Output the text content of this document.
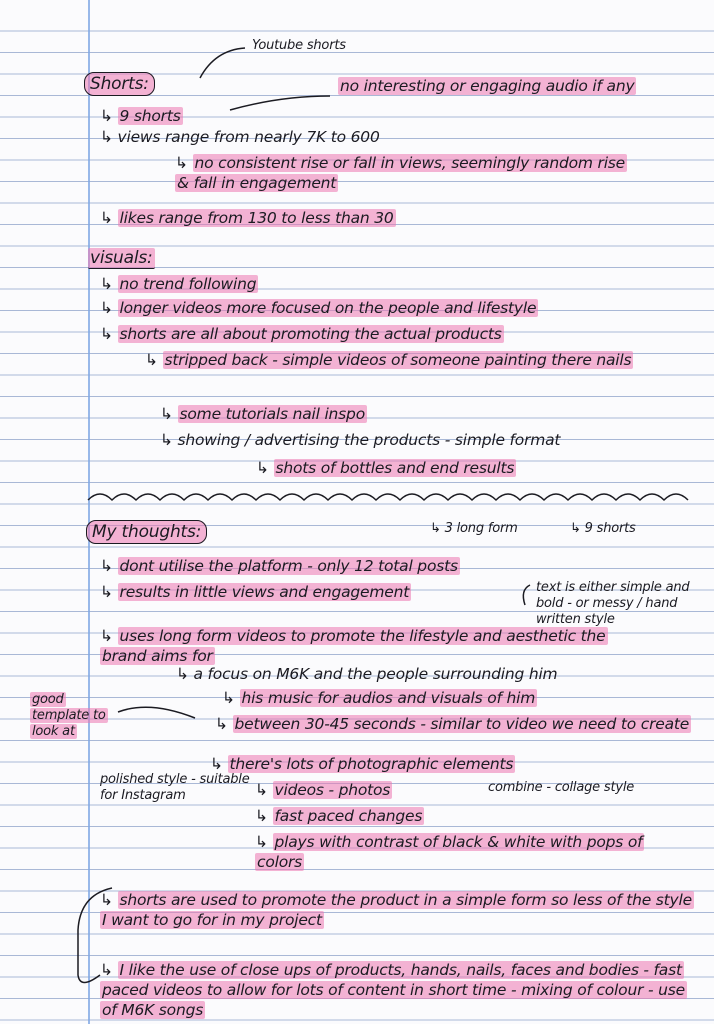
Youtube shorts
Shorts:	no interesting or engaging audio if any
↳ 9 shorts
↳ views range from nearly 7K to 600
↳ no consistent rise or fall in views, seemingly random rise & fall in engagement
↳ likes range from 130 to less than 30
visuals:
↳ no trend following
↳ longer videos more focused on the people and lifestyle
↳ shorts are all about promoting the actual products
↳ stripped back - simple videos of someone painting there nails
↳ some tutorials nail inspo
↳ showing / advertising the products - simple format
↳ shots of bottles and end results
My thoughts:	↳ 3 long form	↳ 9 shorts
↳ dont utilise the platform - only 12 total posts
↳ results in little views and engagement	text is either simple and bold - or messy / hand written style
↳ uses long form videos to promote the lifestyle and aesthetic the brand aims for
↳ a focus on M6K and the people surrounding him
↳ his music for audios and visuals of him
↳ between 30-45 seconds - similar to video we need to create
good template to look at
↳ there's lots of photographic elements
↳ videos - photos	combine - collage style
polished style - suitable for Instagram
↳ fast paced changes
↳ plays with contrast of black & white with pops of colors
↳ shorts are used to promote the product in a simple form so less of the style I want to go for in my project
↳ I like the use of close ups of products, hands, nails, faces and bodies - fast paced videos to allow for lots of content in short time - mixing of colour - use of M6K songs
